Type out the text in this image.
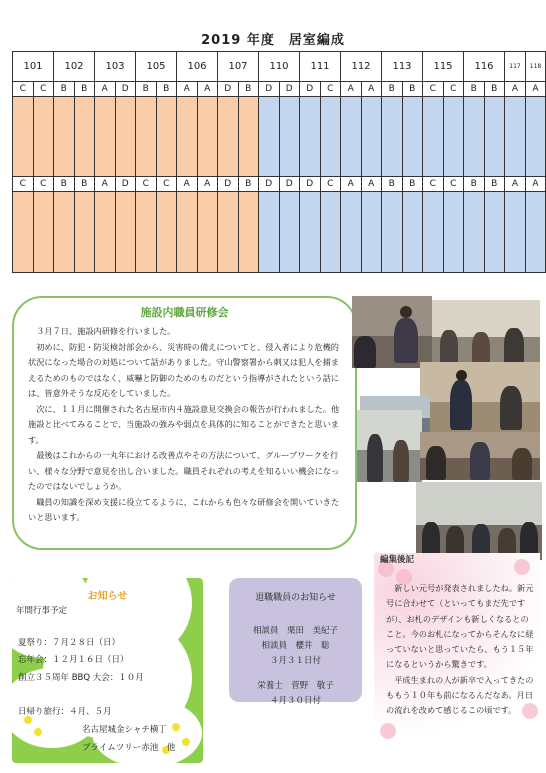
2019 年度　居室編成
101		102		103		105		106		107		110		111		112		113		115		116		117	118
C	C	B	B	A	D	B	B	A	A	D	B	D	D	D	C	A	A	B	B	C	C	B	B	A	A

C	C	B	B	A	D	C	C	A	A	D	B	D	D	D	C	A	A	B	B	C	C	B	B	A	A

施設内職員研修会

３月７日、施設内研修を行いました。

初めに、防犯・防災検討部会から、災害時の備えについてと、侵入者により危機的状況になった場合の対処について話がありました。守山警察署から刺又は犯人を捕まえるためのものではなく、威嚇と防御のためのものだという指導がされたという話には、皆意外そうな反応をしていました。

次に、１１月に開催された名古屋市内４施設意見交換会の報告が行われました。他施設と比べてみることで、当施設の強みや弱点を具体的に知ることができたと思います。

最後はこれからの一丸年における改善点やその方法について、グループワークを行い、様々な分野で意見を出し合いました。職員それぞれの考えを知るいい機会になったのではないでしょうか。

職員の知識を深め支援に役立てるように、これからも色々な研修会を開いていきたいと思います。

お知らせ
年間行事予定
夏祭り：７月２８日（日）
忘年会：１２月１６日（日）
創立３５周年 BBQ 大会：１０月
日帰り旅行：４月、５月
名古屋城金シャチ横丁
ブライムツリー赤池　他
退職職員のお知らせ
相談員　栗田　美紀子
相談員　櫻井　聡
３月３１日付
栄養士　菅野　敬子
４月３０日付
編集後記

新しい元号が発表されましたね。新元号に合わせて（といってもまだ先ですが）、お札のデザインも新しくなるとのこと。今のお札になってからそんなに経っていないと思っていたら、もう１５年になるというから驚きです。

平成生まれの人が新卒で入ってきたのももう１０年も前になるんだなあ。月日の流れを改めて感じるこの頃です。
